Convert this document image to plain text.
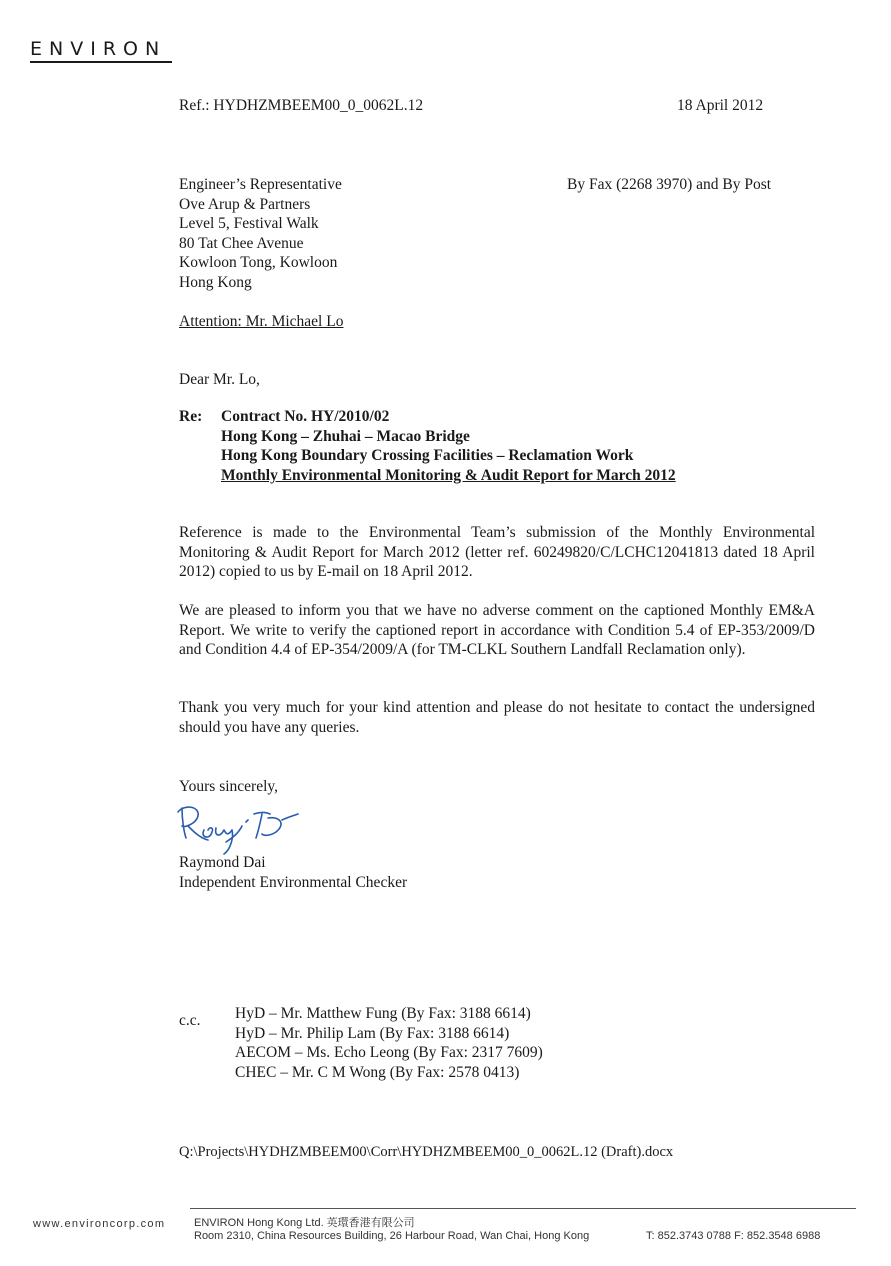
ENVIRON
Ref.: HYDHZMBEEM00_0_0062L.12	18 April 2012
Engineer’s Representative
Ove Arup & Partners
Level 5, Festival Walk
80 Tat Chee Avenue
Kowloon Tong, Kowloon
Hong Kong
By Fax (2268 3970) and By Post
Attention: Mr. Michael Lo
Dear Mr. Lo,
Re: Contract No. HY/2010/02
Hong Kong – Zhuhai – Macao Bridge
Hong Kong Boundary Crossing Facilities – Reclamation Work
Monthly Environmental Monitoring & Audit Report for March 2012
Reference is made to the Environmental Team’s submission of the Monthly Environmental Monitoring & Audit Report for March 2012 (letter ref. 60249820/C/LCHC12041813 dated 18 April 2012) copied to us by E-mail on 18 April 2012.
We are pleased to inform you that we have no adverse comment on the captioned Monthly EM&A Report. We write to verify the captioned report in accordance with Condition 5.4 of EP-353/2009/D and Condition 4.4 of EP-354/2009/A (for TM-CLKL Southern Landfall Reclamation only).
Thank you very much for your kind attention and please do not hesitate to contact the undersigned should you have any queries.
Yours sincerely,
Raymond Dai
Independent Environmental Checker
c.c. HyD – Mr. Matthew Fung (By Fax: 3188 6614)
HyD – Mr. Philip Lam (By Fax: 3188 6614)
AECOM – Ms. Echo Leong (By Fax: 2317 7609)
CHEC – Mr. C M Wong (By Fax: 2578 0413)
Q:\Projects\HYDHZMBEEM00\Corr\HYDHZMBEEM00_0_0062L.12 (Draft).docx
www.environcorp.com	ENVIRON Hong Kong Ltd. 英環香港有限公司
Room 2310, China Resources Building, 26 Harbour Road, Wan Chai, Hong Kong	T: 852.3743 0788 F: 852.3548 6988
